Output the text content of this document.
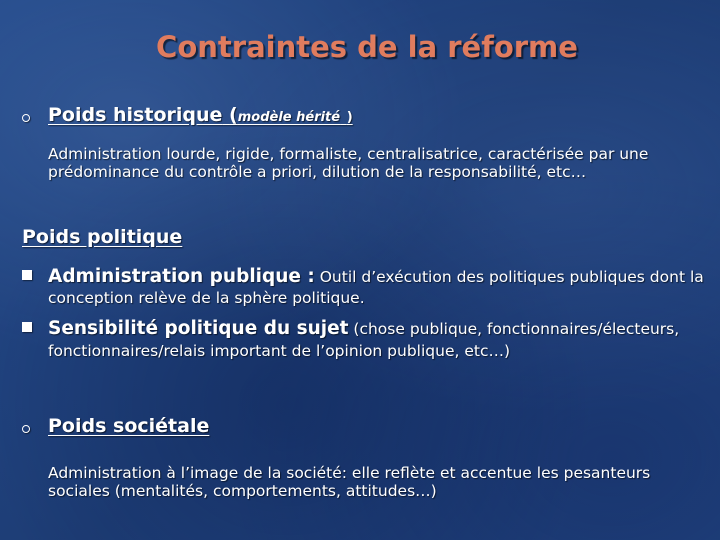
Contraintes de la réforme
Poids historique (modèle hérité )
Administration lourde, rigide, formaliste, centralisatrice, caractérisée par une prédominance du contrôle a priori, dilution de la responsabilité, etc…
Poids politique
Administration publique : Outil d’exécution des politiques publiques dont la conception relève de la sphère politique.
Sensibilité politique du sujet (chose publique, fonctionnaires/électeurs, fonctionnaires/relais important de l’opinion publique, etc…)
Poids sociétale
Administration à l’image de la société: elle reflète et accentue les pesanteurs sociales (mentalités, comportements, attitudes…)
